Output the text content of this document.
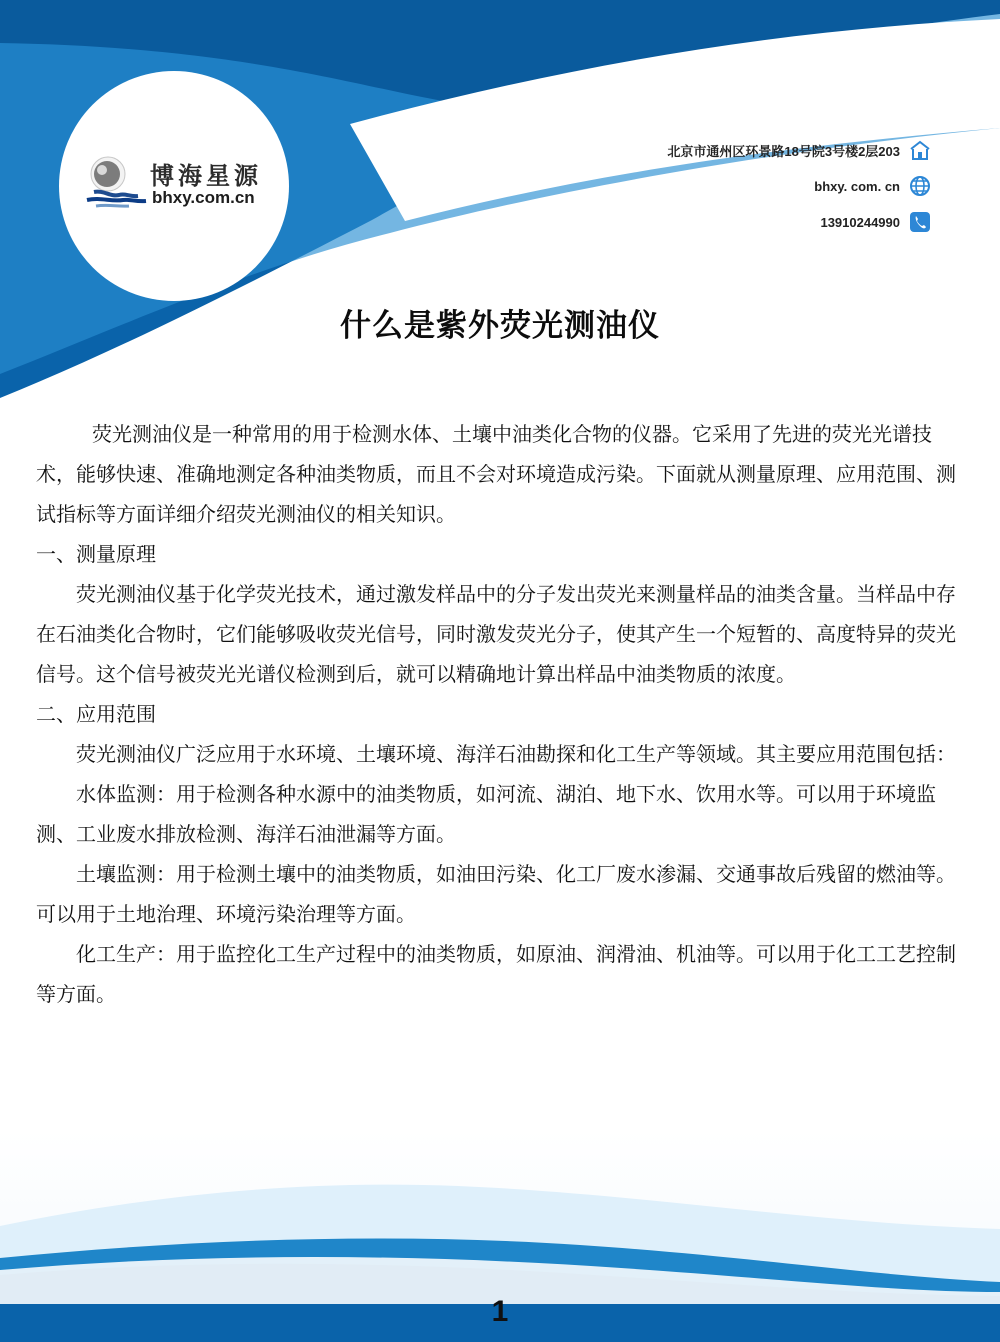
博海星源
bhxy.com.cn
北京市通州区环景路18号院3号楼2层203
bhxy. com. cn
13910244990
什么是紫外荧光测油仪

荧光测油仪是一种常用的用于检测水体、土壤中油类化合物的仪器。它采用了先进的荧光光谱技术，能够快速、准确地测定各种油类物质，而且不会对环境造成污染。下面就从测量原理、应用范围、测试指标等方面详细介绍荧光测油仪的相关知识。

一、测量原理

荧光测油仪基于化学荧光技术，通过激发样品中的分子发出荧光来测量样品的油类含量。当样品中存在石油类化合物时，它们能够吸收荧光信号，同时激发荧光分子，使其产生一个短暂的、高度特异的荧光信号。这个信号被荧光光谱仪检测到后，就可以精确地计算出样品中油类物质的浓度。

二、应用范围

荧光测油仪广泛应用于水环境、土壤环境、海洋石油勘探和化工生产等领域。其主要应用范围包括：

水体监测：用于检测各种水源中的油类物质，如河流、湖泊、地下水、饮用水等。可以用于环境监测、工业废水排放检测、海洋石油泄漏等方面。

土壤监测：用于检测土壤中的油类物质，如油田污染、化工厂废水渗漏、交通事故后残留的燃油等。可以用于土地治理、环境污染治理等方面。

化工生产：用于监控化工生产过程中的油类物质，如原油、润滑油、机油等。可以用于化工工艺控制等方面。

1
